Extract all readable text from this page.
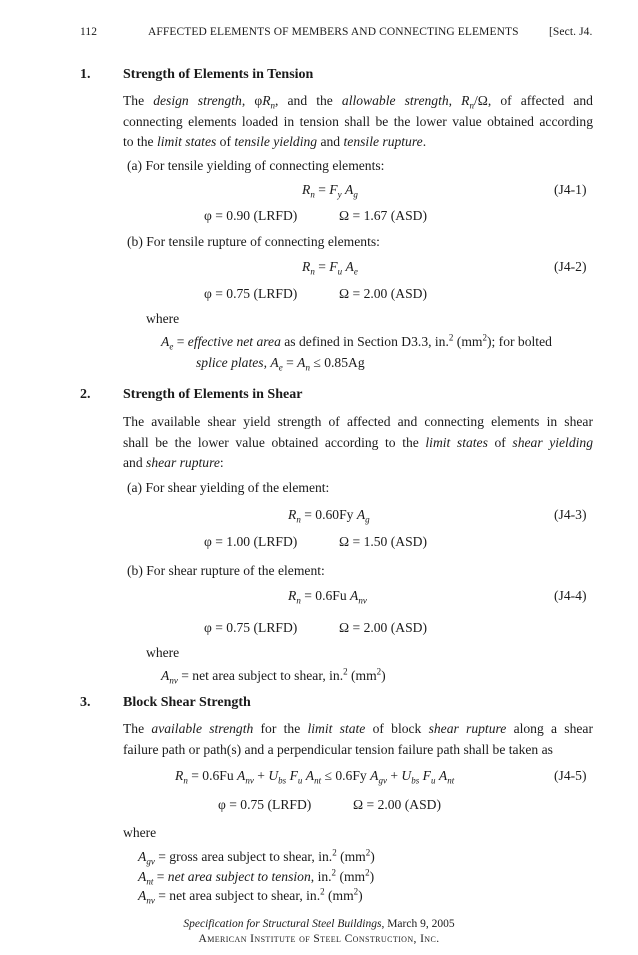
112	AFFECTED ELEMENTS OF MEMBERS AND CONNECTING ELEMENTS	[Sect. J4.
1. Strength of Elements in Tension
The design strength, $\varphi R_n$, and the allowable strength, $R_n/\Omega$, of affected and
connecting elements loaded in tension shall be the lower value obtained according
to the limit states of tensile yielding and tensile rupture.
(a) For tensile yielding of connecting elements:
$R_n = F_y$ $A_g$	(J4-1)
φ = 0.90 (LRFD)	Ω = 1.67 (ASD)
(b) For tensile rupture of connecting elements:
$R_n = F_u$ $A_e$	(J4-2)
φ = 0.75 (LRFD)	Ω = 2.00 (ASD)
where
$A_e$ = effective net area as defined in Section D3.3, in.$^2$ $(mm^2)$; for bolted
splice plates, $A_e = A_n \le 0.85Ag$
2. Strength of Elements in Shear
The available shear yield strength of affected and connecting elements in shear
shall be the lower value obtained according to the limit states of shear yielding
and shear rupture:
(a) For shear yielding of the element:
$R_n = 0.60Fy$ $A_g$	(J4-3)
φ = 1.00 (LRFD)	Ω = 1.50 (ASD)
(b) For shear rupture of the element:
$R_n = 0.6Fu$ $A_{nv}$	(J4-4)
φ = 0.75 (LRFD)	Ω = 2.00 (ASD)
where
$A_{nv}$ = net area subject to shear, in.$^2$ $(mm^2)$
3. Block Shear Strength
The available strength for the limit state of block shear rupture along a shear
failure path or path(s) and a perpendicular tension failure path shall be taken as
$R_n = 0.6Fu$ $A_{nv} + U_{bs}$ $F_u$ $A_{nt} \le 0.6Fy$ $A_{gv} + U_{bs}$ $F_u$ $A_{nt}$	(J4-5)
φ = 0.75 (LRFD)	Ω = 2.00 (ASD)
where
$A_{gv}$ = gross area subject to shear, in.$^2$ $(mm^2)$
$A_{nt}$ = net area subject to tension, in.$^2$ $(mm^2)$
$A_{nv}$ = net area subject to shear, in.$^2$ $(mm^2)$
Specification for Structural Steel Buildings, March 9, 2005
American Institute of Steel Construction, Inc.
